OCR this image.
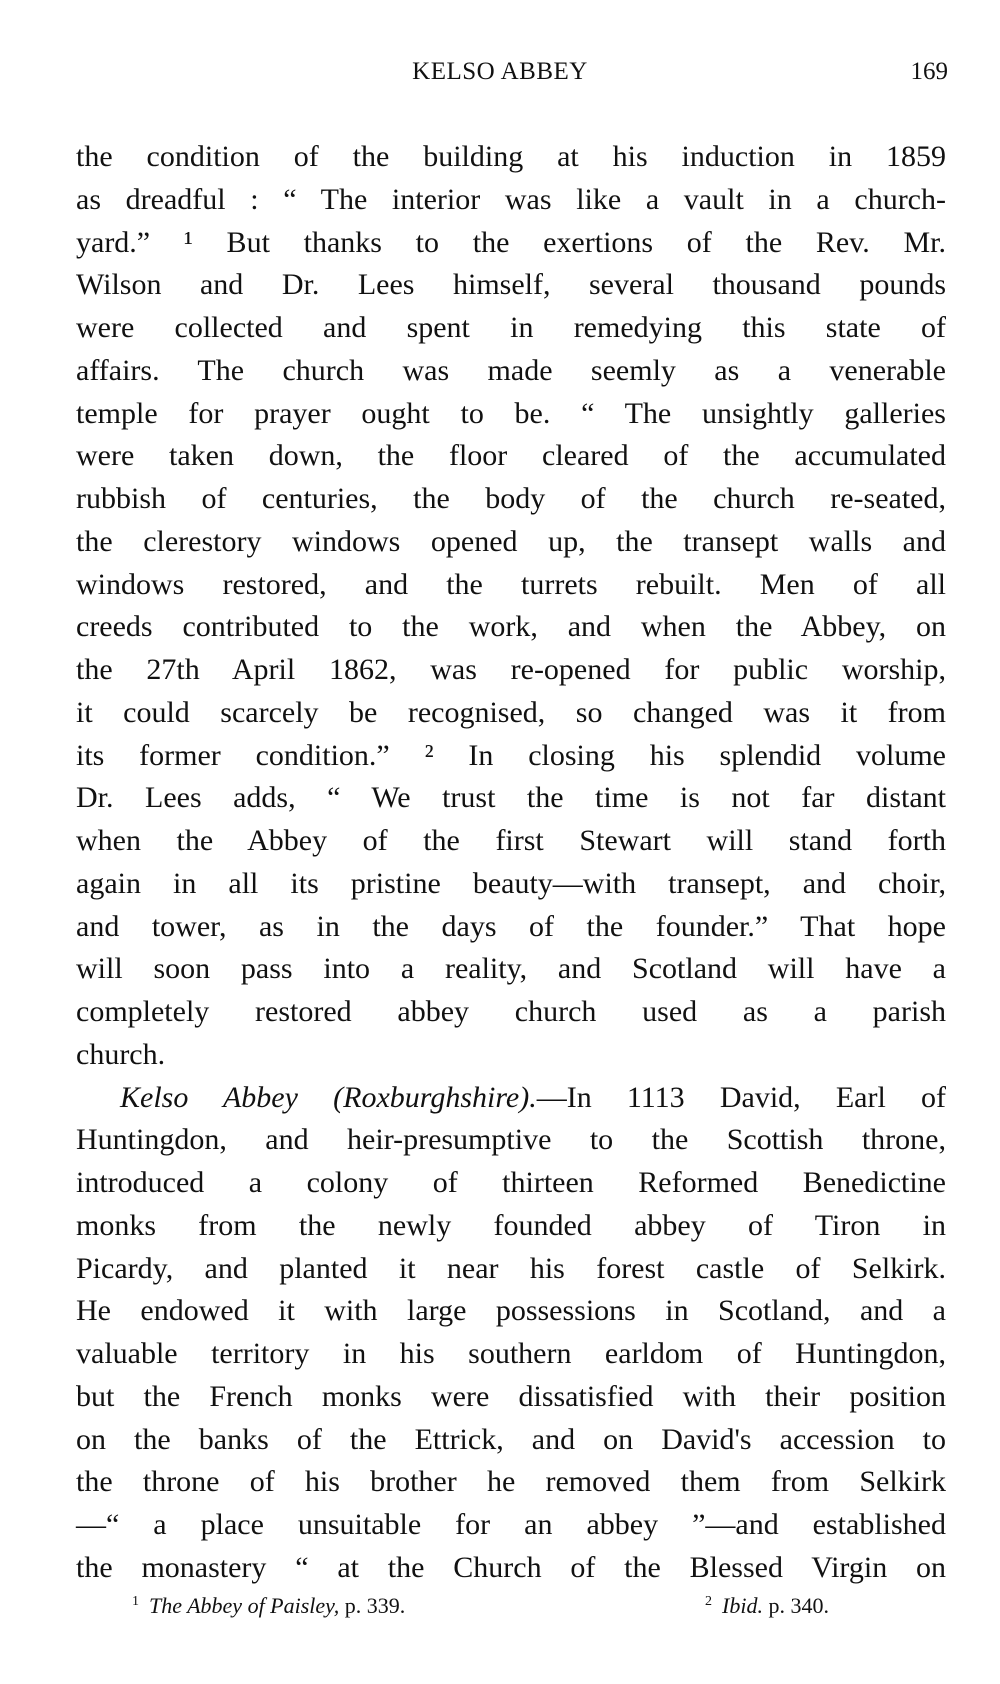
KELSO ABBEY	169
the condition of the building at his induction in 1859
as dreadful : “ The interior was like a vault in a church-
yard.” ¹ But thanks to the exertions of the Rev. Mr.
Wilson and Dr. Lees himself, several thousand pounds
were collected and spent in remedying this state of
affairs. The church was made seemly as a venerable
temple for prayer ought to be. “ The unsightly galleries
were taken down, the floor cleared of the accumulated
rubbish of centuries, the body of the church re-seated,
the clerestory windows opened up, the transept walls and
windows restored, and the turrets rebuilt. Men of all
creeds contributed to the work, and when the Abbey, on
the 27th April 1862, was re-opened for public worship,
it could scarcely be recognised, so changed was it from
its former condition.” ² In closing his splendid volume
Dr. Lees adds, “ We trust the time is not far distant
when the Abbey of the first Stewart will stand forth
again in all its pristine beauty—with transept, and choir,
and tower, as in the days of the founder.” That hope
will soon pass into a reality, and Scotland will have a
completely restored abbey church used as a parish
church.
Kelso Abbey (Roxburghshire).—In 1113 David, Earl of
Huntingdon, and heir-presumptive to the Scottish throne,
introduced a colony of thirteen Reformed Benedictine
monks from the newly founded abbey of Tiron in
Picardy, and planted it near his forest castle of Selkirk.
He endowed it with large possessions in Scotland, and a
valuable territory in his southern earldom of Huntingdon,
but the French monks were dissatisfied with their position
on the banks of the Ettrick, and on David's accession to
the throne of his brother he removed them from Selkirk
—“ a place unsuitable for an abbey ”—and established
the monastery “ at the Church of the Blessed Virgin on
$^1$ The Abbey of Paisley, p. 339.	$^2$ Ibid. p. 340.
